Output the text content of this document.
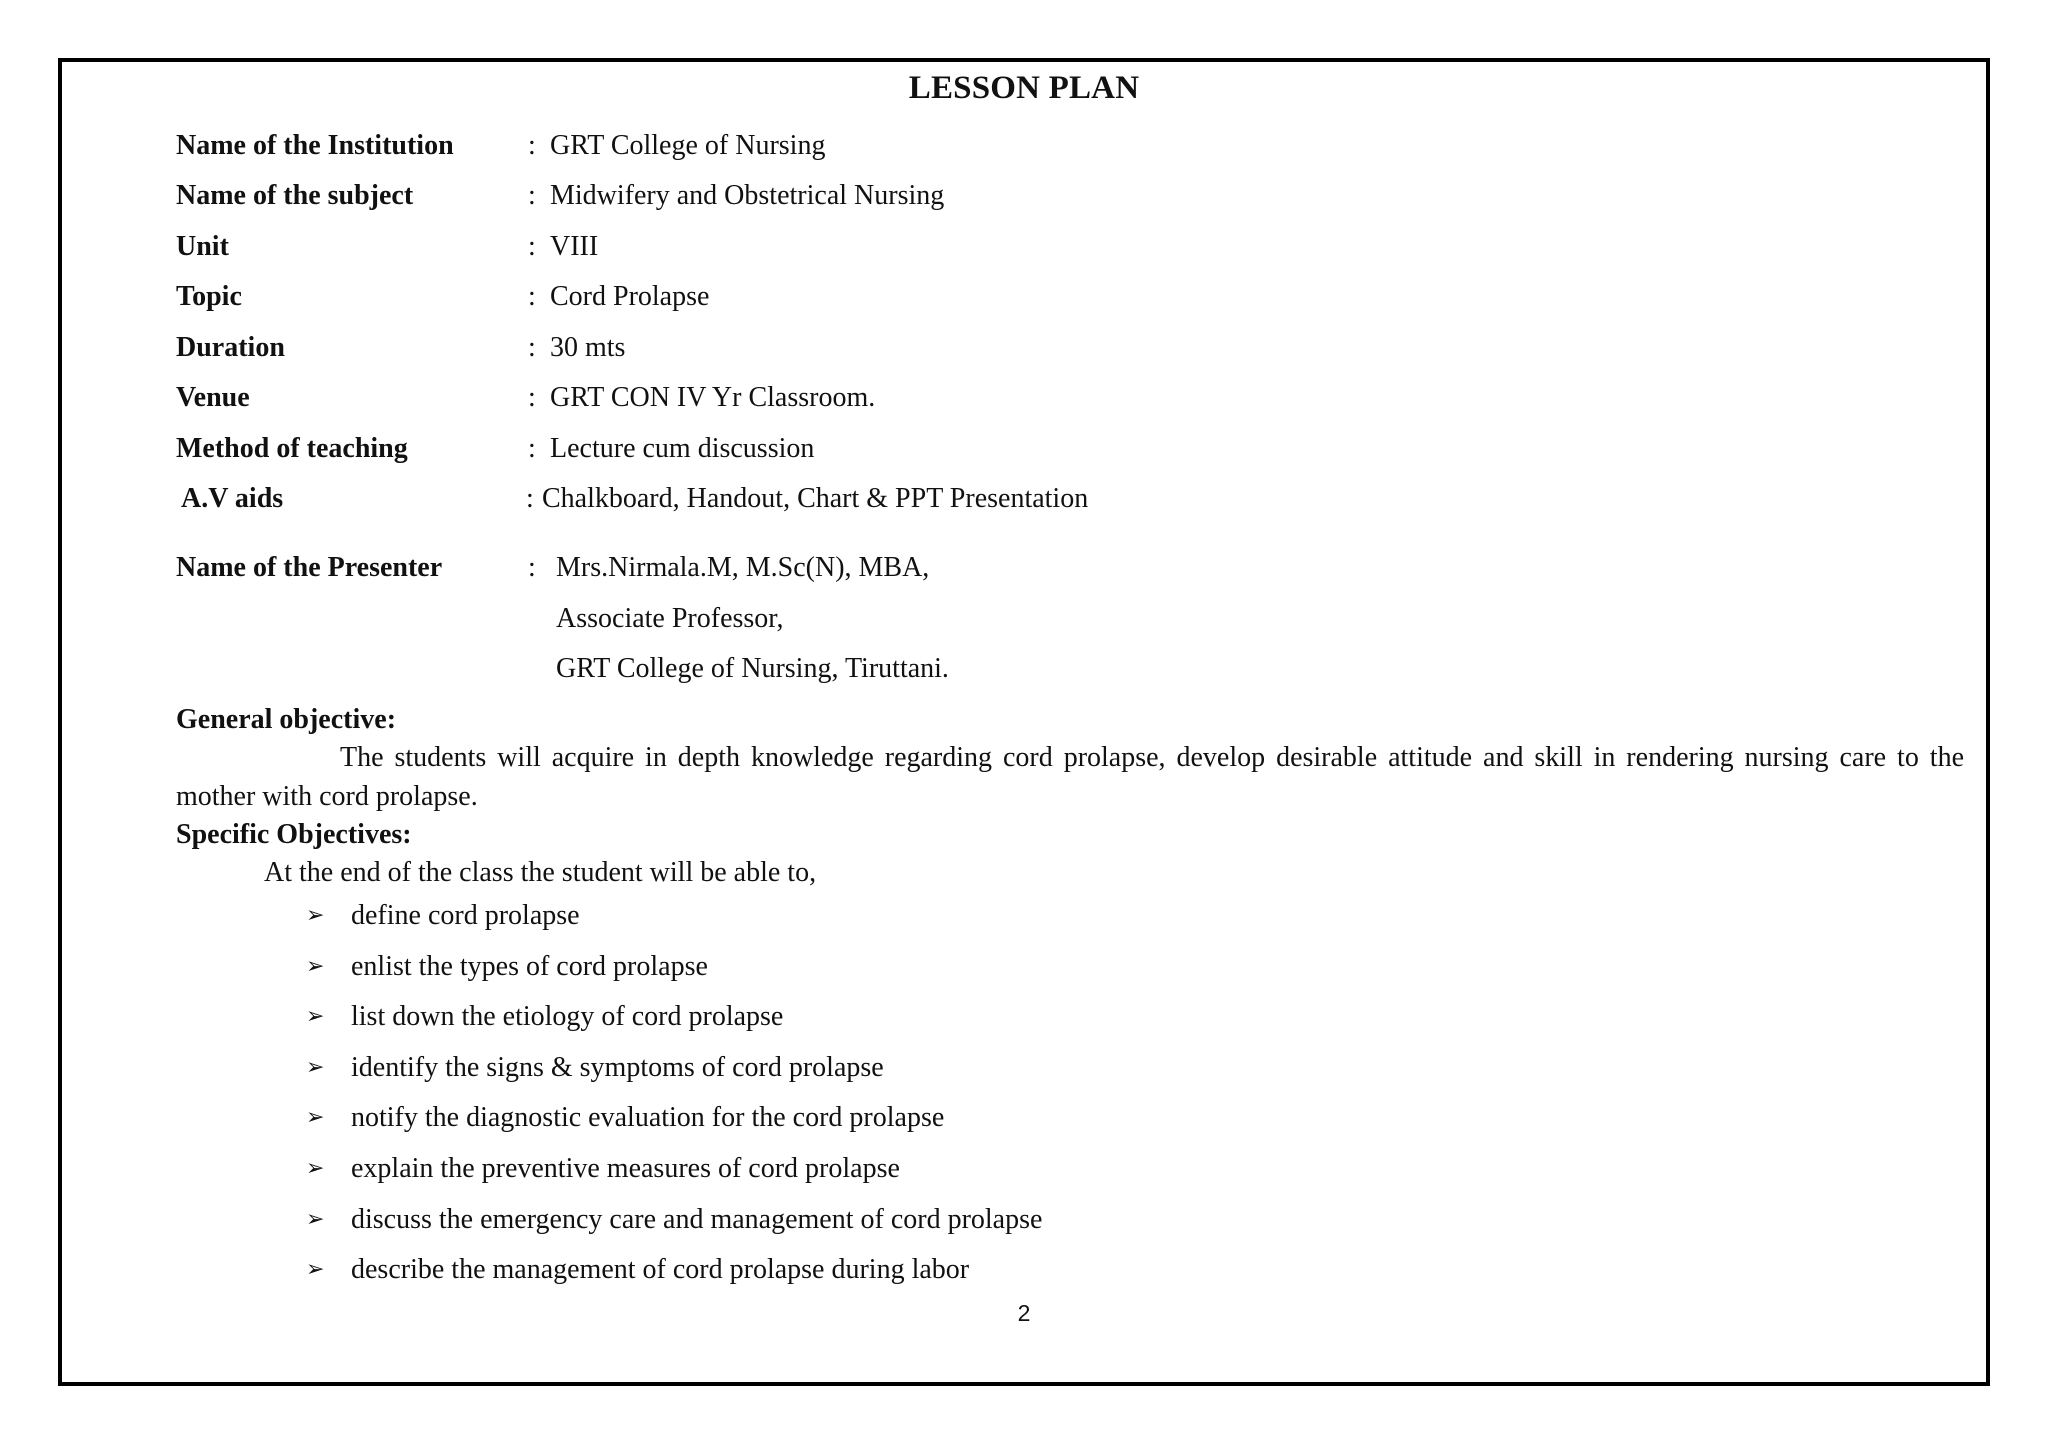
LESSON PLAN
Name of the Institution	: GRT College of Nursing
Name of the subject	: Midwifery and Obstetrical Nursing
Unit	: VIII
Topic	: Cord Prolapse
Duration	: 30 mts
Venue	: GRT CON IV Yr Classroom.
Method of teaching	: Lecture cum discussion
A.V aids	: Chalkboard, Handout, Chart & PPT Presentation
Name of the Presenter	: Mrs.Nirmala.M, M.Sc(N), MBA,
Associate Professor,
GRT College of Nursing, Tiruttani.
General objective:
The students will acquire in depth knowledge regarding cord prolapse, develop desirable attitude and skill in rendering nursing care to the mother with cord prolapse.
Specific Objectives:
At the end of the class the student will be able to,
➢ define cord prolapse
➢ enlist the types of cord prolapse
➢ list down the etiology of cord prolapse
➢ identify the signs & symptoms of cord prolapse
➢ notify the diagnostic evaluation for the cord prolapse
➢ explain the preventive measures of cord prolapse
➢ discuss the emergency care and management of cord prolapse
➢ describe the management of cord prolapse during labor
2
